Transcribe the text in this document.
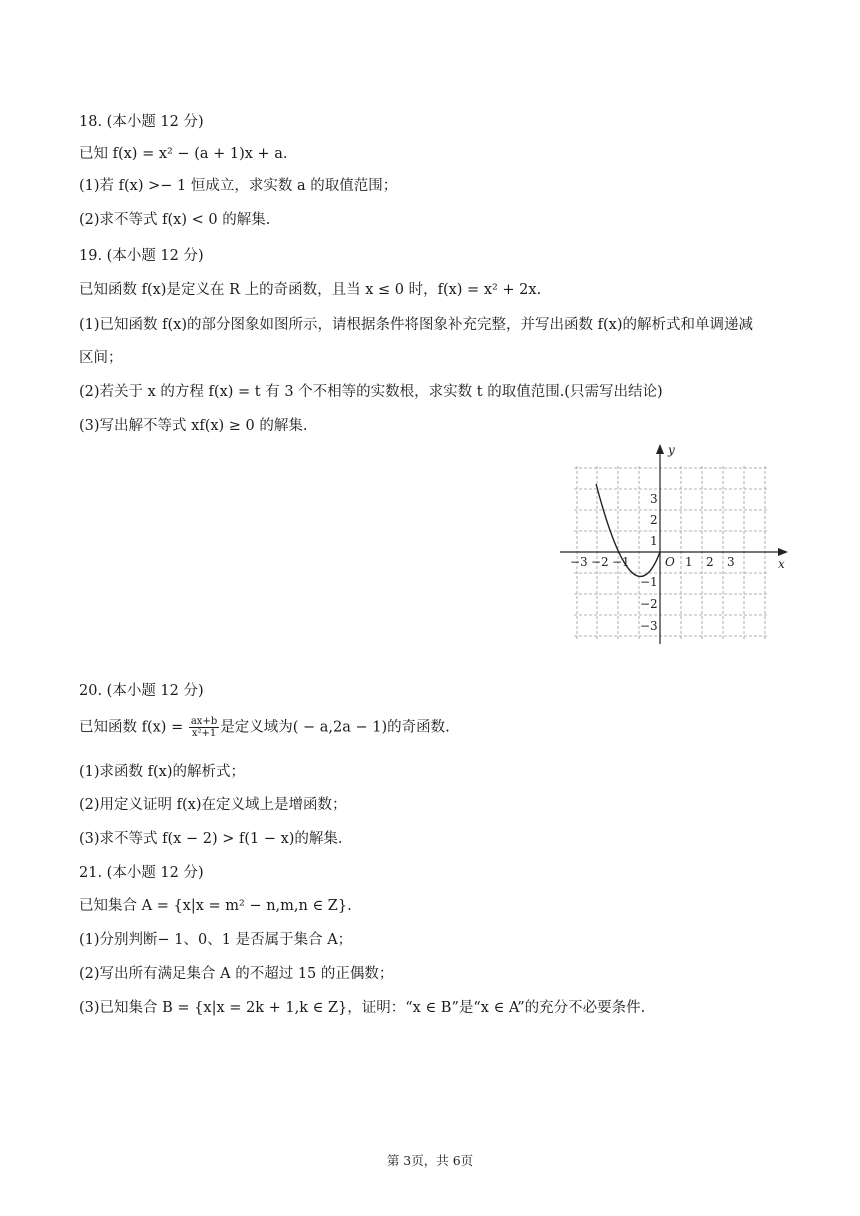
18. (本小题 12 分)
已知 f(x) = x² − (a + 1)x + a.
(1)若 f(x) >− 1 恒成立，求实数 a 的取值范围；
(2)求不等式 f(x) < 0 的解集.
19. (本小题 12 分)
已知函数 f(x)是定义在 R 上的奇函数，且当 x ≤ 0 时，f(x) = x² + 2x.
(1)已知函数 f(x)的部分图象如图所示，请根据条件将图象补充完整，并写出函数 f(x)的解析式和单调递减
区间；
(2)若关于 x 的方程 f(x) = t 有 3 个不相等的实数根，求实数 t 的取值范围.(只需写出结论)
(3)写出解不等式 xf(x) ≥ 0 的解集.
y
x
O
−3 −2 −1	1 2 3
3
2
1
−1
−2
−3
20. (本小题 12 分)
已知函数 $f(x) = \frac{ax+b}{\text{x²+1}}$ 是定义域为( − a,2a − 1)的奇函数.
(1)求函数 f(x)的解析式；
(2)用定义证明 f(x)在定义域上是增函数；
(3)求不等式 f(x − 2) > f(1 − x)的解集.
21. (本小题 12 分)
已知集合 A = {x|x = m² − n,m,n ∈ Z}.
(1)分别判断− 1、0、1 是否属于集合 A；
(2)写出所有满足集合 A 的不超过 15 的正偶数；
(3)已知集合 B = {x|x = 2k + 1,k ∈ Z}，证明：“x ∈ B”是“x ∈ A”的充分不必要条件.
第 3页，共 6页
